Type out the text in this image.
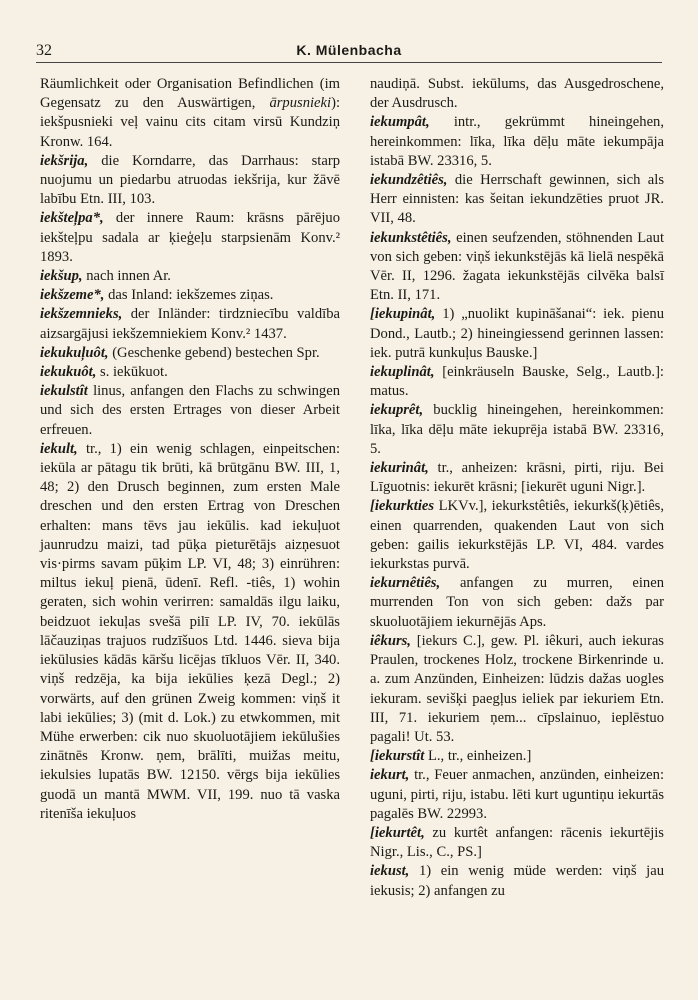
32	K. Mülenbacha

Räumlichkeit oder Organisation Befindlichen (im Gegensatz zu den Auswärtigen, ārpusnieki): iekšpusnieki veļ vainu cits citam virsū Kundziņ Kronw. 164.

iekšrija, die Korndarre, das Darrhaus: starp nuojumu un piedarbu atruodas iekšrija, kur žāvē labību Etn. III, 103.

iekšteļpa*, der innere Raum: krāsns pārējuo iekšteļpu sadala ar ķieģeļu starpsienām Konv.² 1893.

iekšup, nach innen Ar.

iekšzeme*, das Inland: iekšzemes ziņas.

iekšzemnieks, der Inländer: tirdzniecību valdība aizsargājusi iekšzemniekiem Konv.² 1437.

iekukuļuôt, (Geschenke gebend) bestechen Spr.

iekukuôt, s. iekūkuot.

iekulstît linus, anfangen den Flachs zu schwingen und sich des ersten Ertrages von dieser Arbeit erfreuen.

iekult, tr., 1) ein wenig schlagen, einpeitschen: iekūla ar pātagu tik brūti, kā brūtgānu BW. III, 1, 48; 2) den Drusch beginnen, zum ersten Male dreschen und den ersten Ertrag von Dreschen erhalten: mans tēvs jau iekūlis. kad iekuļuot jaunrudzu maizi, tad pūķa pieturētājs aizņesuot vis·pirms savam pūķim LP. VI, 48; 3) einrühren: miltus iekuļ pienā, ūdenī. Refl. -tiês, 1) wohin geraten, sich wohin verirren: samaldās ilgu laiku, beidzuot iekuļas svešā pilī LP. IV, 70. iekūlās lāčauziņas trajuos rudzīšuos Ltd. 1446. sieva bija iekūlusies kādās kāršu licējas tīkluos Vēr. II, 340. viņš redzēja, ka bija iekūlies ķezā Degl.; 2) vorwärts, auf den grünen Zweig kommen: viņš it labi iekūlies; 3) (mit d. Lok.) zu etwkommen, mit Mühe erwerben: cik nuo skuoluotājiem iekūlušies zinātnēs Kronw. ņem, brālīti, muižas meitu, iekulsies lupatās BW. 12150. vērgs bija iekūlies guodā un mantā MWM. VII, 199. nuo tā vaska ritenīša iekuļuos

naudiņā. Subst. iekūlums, das Ausgedroschene, der Ausdrusch.

iekumpât, intr., gekrümmt hineingehen, hereinkommen: līka, līka dēļu māte iekumpāja istabā BW. 23316, 5.

iekundzêtiês, die Herrschaft gewinnen, sich als Herr einnisten: kas šeitan iekundzēties pruot JR. VII, 48.

iekunkstêtiês, einen seufzenden, stöhnenden Laut von sich geben: viņš iekunkstējās kā lielā nespēkā Vēr. II, 1296. žagata iekunkstējās cilvēka balsī Etn. II, 171.

[iekupinât, 1) „nuolikt kupināšanai“: iek. pienu Dond., Lautb.; 2) hineingiessend gerinnen lassen: iek. putrā kunkuļus Bauske.]

iekuplinât, [einkräuseln Bauske, Selg., Lautb.]: matus.

iekuprêt, bucklig hineingehen, hereinkommen: līka, līka dēļu māte iekuprēja istabā BW. 23316, 5.

iekurinât, tr., anheizen: krāsni, pirti, riju. Bei Līguotnis: iekurēt krāsni; [iekurēt uguni Nigr.].

[iekurkties LKVv.], iekurkstêtiês, iekurkš(ķ)ētiês, einen quarrenden, quakenden Laut von sich geben: gailis iekurkstējās LP. VI, 484. vardes iekurkstas purvā.

iekurnêtiês, anfangen zu murren, einen murrenden Ton von sich geben: dažs par skuoluotājiem iekurnējās Aps.

iêkurs, [iekurs C.], gew. Pl. iêkuri, auch iekuras Praulen, trockenes Holz, trockene Birkenrinde u. a. zum Anzünden, Einheizen: lūdzis dažas uogles iekuram. sevišķi paegļus ieliek par iekuriem Etn. III, 71. iekuriem ņem... cīpslainuo, ieplēstuo pagali! Ut. 53.

[iekurstît L., tr., einheizen.]

iekurt, tr., Feuer anmachen, anzünden, einheizen: uguni, pirti, riju, istabu. lēti kurt uguntiņu iekurtās pagalēs BW. 22993.

[iekurtêt, zu kurtêt anfangen: rācenis iekurtējis Nigr., Lis., C., PS.]

iekust, 1) ein wenig müde werden: viņš jau iekusis; 2) anfangen zu
